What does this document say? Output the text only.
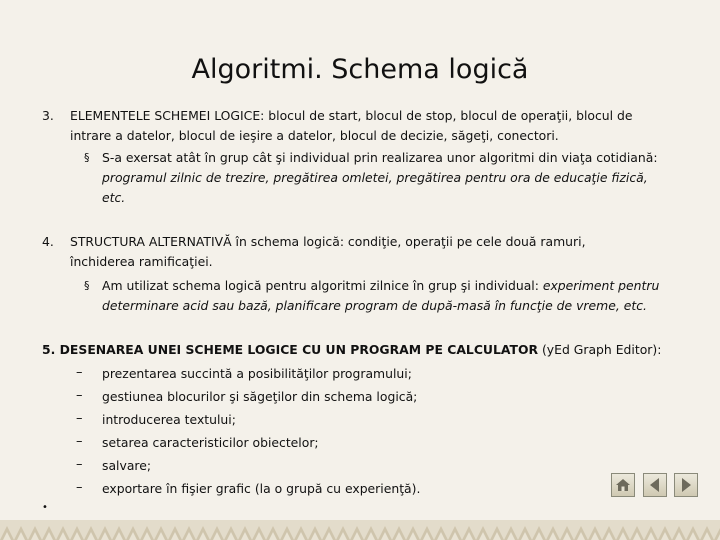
Algoritmi. Schema logică
3. ELEMENTELE SCHEMEI LOGICE: blocul de start, blocul de stop, blocul de operaţii, blocul de
intrare a datelor, blocul de ieşire a datelor, blocul de decizie, săgeţi, conectori.
§ S-a exersat atât în grup cât şi individual prin realizarea unor algoritmi din viaţa cotidiană:
programul zilnic de trezire, pregătirea omletei, pregătirea pentru ora de educaţie fizică,
etc.
4. STRUCTURA ALTERNATIVĂ în schema logică: condiţie, operaţii pe cele două ramuri,
închiderea ramificaţiei.
§ Am utilizat schema logică pentru algoritmi zilnice în grup şi individual: experiment pentru
determinare acid sau bază, planificare program de după-masă în funcţie de vreme, etc.
5. DESENAREA UNEI SCHEME LOGICE CU UN PROGRAM PE CALCULATOR (yEd Graph Editor):
– prezentarea succintă a posibilităţilor programului;
– gestiunea blocurilor şi săgeţilor din schema logică;
– introducerea textului;
– setarea caracteristicilor obiectelor;
– salvare;
– exportare în fişier grafic (la o grupă cu experienţă).
•
